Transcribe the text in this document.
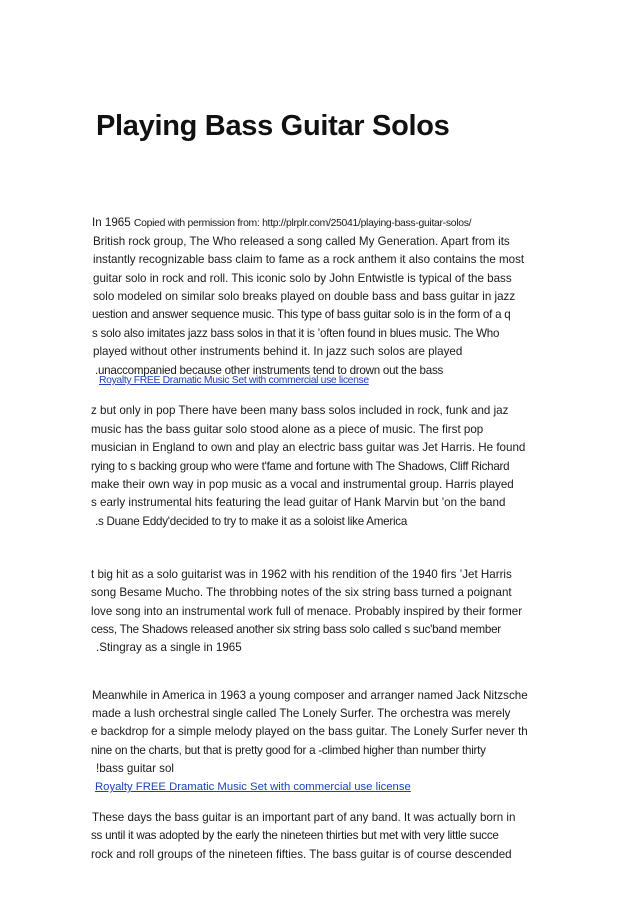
Playing Bass Guitar Solos
In 1965 Copied with permission from: http://plrplr.com/25041/playing-bass-guitar-solos/
British rock group, The Who released a song called My Generation. Apart from its
instantly recognizable bass claim to fame as a rock anthem it also contains the most
guitar solo in rock and roll. This iconic solo by John Entwistle is typical of the bass
solo modeled on similar solo breaks played on double bass and bass guitar in jazz
uestion and answer sequence music. This type of bass guitar solo is in the form of a q
s solo also imitates jazz bass solos in that it is ’often found in blues music. The Who
played without other instruments behind it. In jazz such solos are played
.unaccompanied because other instruments tend to drown out the bass
Royalty FREE Dramatic Music Set with commercial use license
z but only in pop There have been many bass solos included in rock, funk and jaz
music has the bass guitar solo stood alone as a piece of music. The first pop
musician in England to own and play an electric bass guitar was Jet Harris. He found
rying to s backing group who were t'fame and fortune with The Shadows, Cliff Richard
make their own way in pop music as a vocal and instrumental group. Harris played
s early instrumental hits featuring the lead guitar of Hank Marvin but ’on the band
.s Duane Eddy'decided to try to make it as a soloist like America
t big hit as a solo guitarist was in 1962 with his rendition of the 1940 firs ’Jet Harris
song Besame Mucho. The throbbing notes of the six string bass turned a poignant
love song into an instrumental work full of menace. Probably inspired by their former
cess, The Shadows released another six string bass solo called s suc'band member
.Stingray as a single in 1965
Meanwhile in America in 1963 a young composer and arranger named Jack Nitzsche
made a lush orchestral single called The Lonely Surfer. The orchestra was merely
e backdrop for a simple melody played on the bass guitar. The Lonely Surfer never th
nine on the charts, but that is pretty good for a -climbed higher than number thirty
!bass guitar sol
Royalty FREE Dramatic Music Set with commercial use license
These days the bass guitar is an important part of any band. It was actually born in
ss until it was adopted by the early the nineteen thirties but met with very little succe
rock and roll groups of the nineteen fifties. The bass guitar is of course descended
